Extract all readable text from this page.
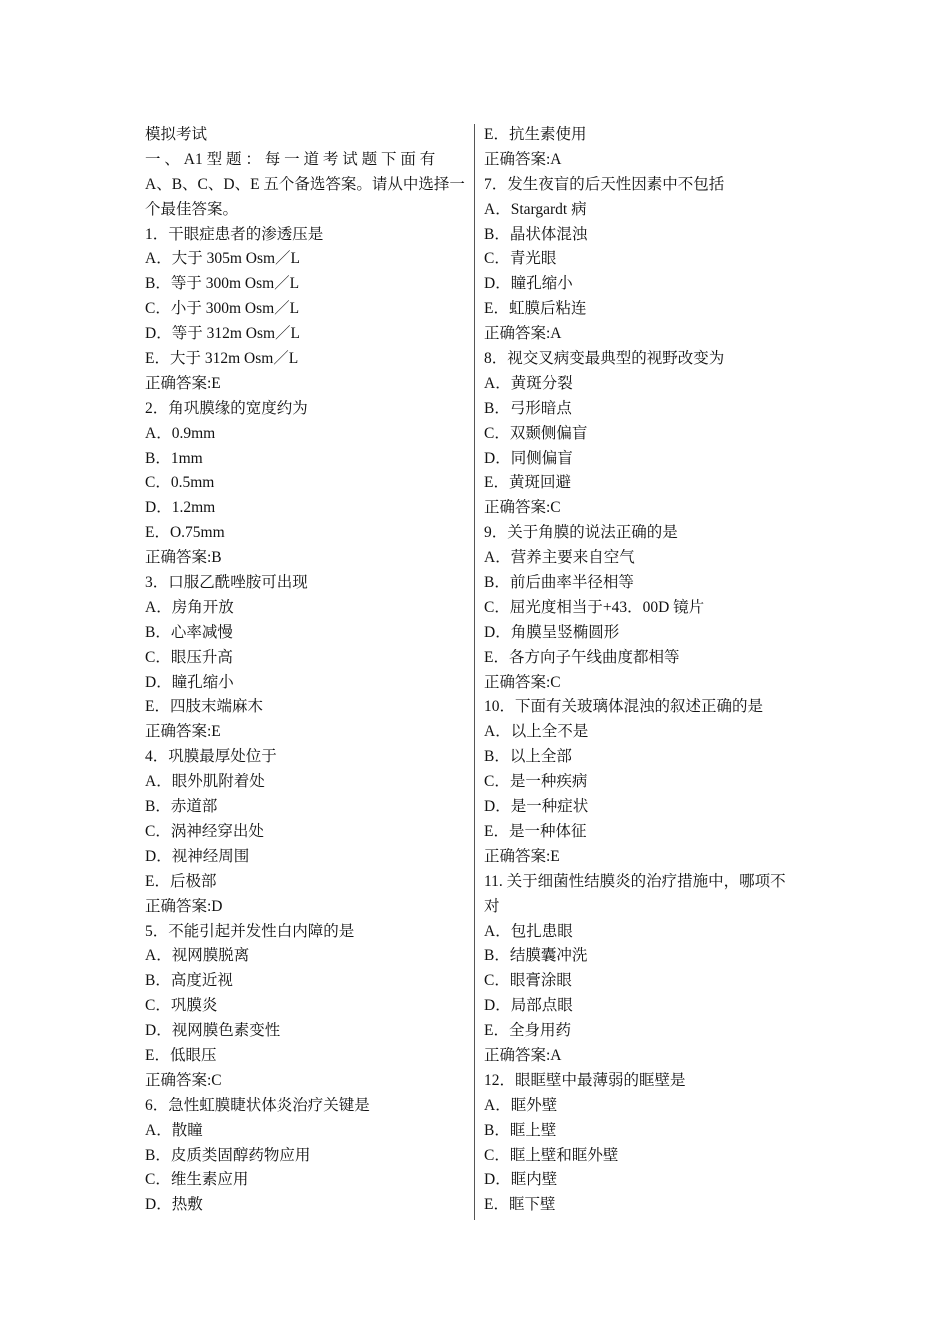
模拟考试
一 、 A1 型 题 ： 每 一 道 考 试 题 下 面 有
A、B、C、D、E 五个备选答案。请从中选择一
个最佳答案。
1．干眼症患者的渗透压是
A．大于 305m Osm／L
B．等于 300m Osm／L
C．小于 300m Osm／L
D．等于 312m Osm／L
E．大于 312m Osm／L
正确答案:E
2．角巩膜缘的宽度约为
A．0.9mm
B．1mm
C．0.5mm
D．1.2mm
E．O.75mm
正确答案:B
3．口服乙酰唑胺可出现
A．房角开放
B．心率减慢
C．眼压升高
D．瞳孔缩小
E．四肢末端麻木
正确答案:E
4．巩膜最厚处位于
A．眼外肌附着处
B．赤道部
C．涡神经穿出处
D．视神经周围
E．后极部
正确答案:D
5．不能引起并发性白内障的是
A．视网膜脱离
B．高度近视
C．巩膜炎
D．视网膜色素变性
E．低眼压
正确答案:C
6．急性虹膜睫状体炎治疗关键是
A．散瞳
B．皮质类固醇药物应用
C．维生素应用
D．热敷
E．抗生素使用
正确答案:A
7．发生夜盲的后天性因素中不包括
A．Stargardt 病
B．晶状体混浊
C．青光眼
D．瞳孔缩小
E．虹膜后粘连
正确答案:A
8．视交叉病变最典型的视野改变为
A．黄斑分裂
B．弓形暗点
C．双颞侧偏盲
D．同侧偏盲
E．黄斑回避
正确答案:C
9．关于角膜的说法正确的是
A．营养主要来自空气
B．前后曲率半径相等
C．屈光度相当于+43．00D 镜片
D．角膜呈竖椭圆形
E．各方向子午线曲度都相等
正确答案:C
10．下面有关玻璃体混浊的叙述正确的是
A．以上全不是
B．以上全部
C．是一种疾病
D．是一种症状
E．是一种体征
正确答案:E
11. 关于细菌性结膜炎的治疗措施中，哪项不
对
A．包扎患眼
B．结膜囊冲洗
C．眼膏涂眼
D．局部点眼
E．全身用药
正确答案:A
12．眼眶壁中最薄弱的眶壁是
A．眶外壁
B．眶上壁
C．眶上壁和眶外壁
D．眶内壁
E．眶下壁
